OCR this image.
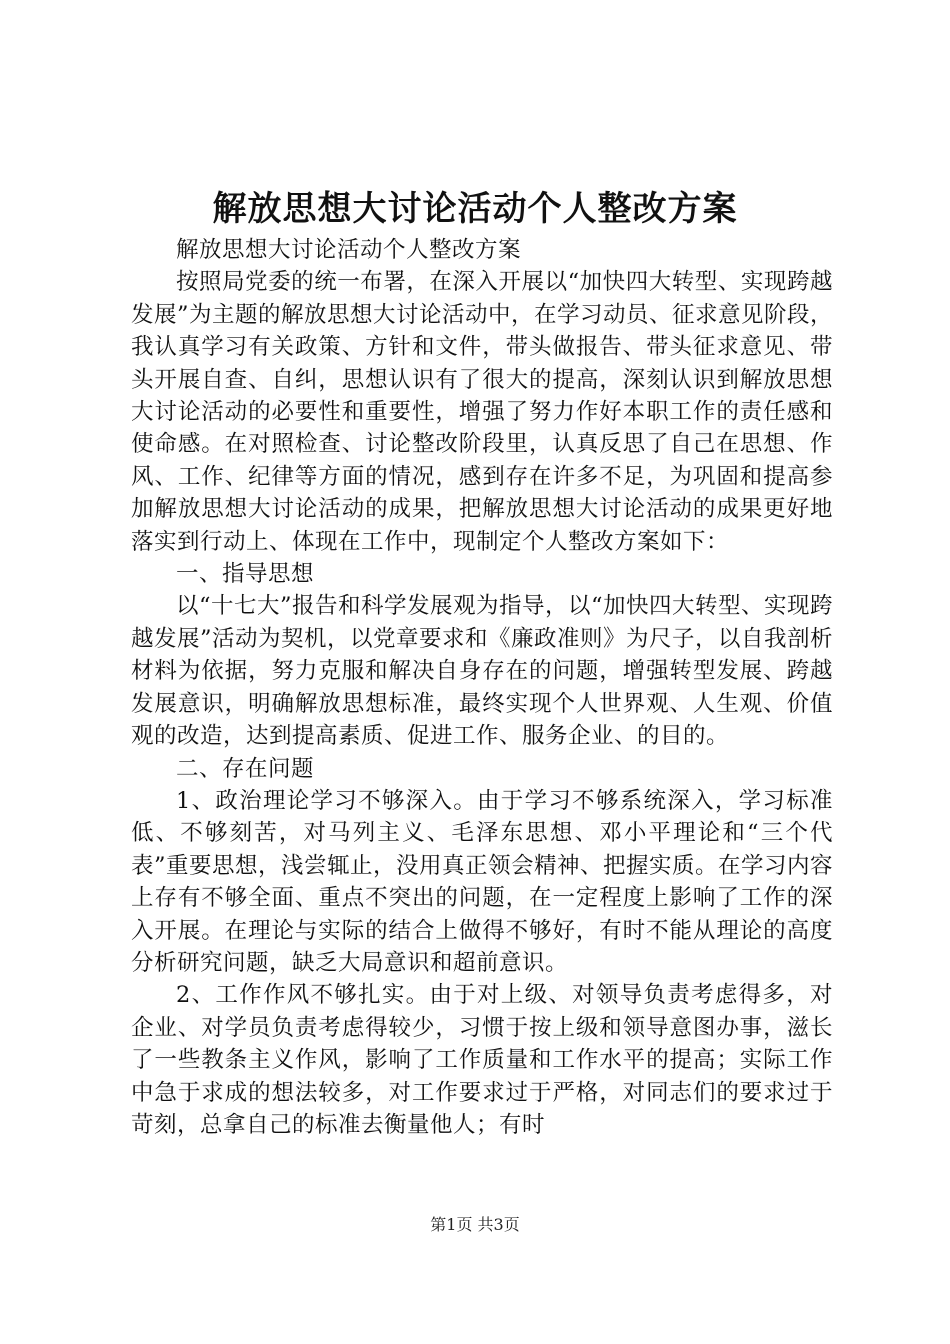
解放思想大讨论活动个人整改方案

解放思想大讨论活动个人整改方案

按照局党委的统一布署，在深入开展以“加快四大转型、实现跨越发展”为主题的解放思想大讨论活动中，在学习动员、征求意见阶段，我认真学习有关政策、方针和文件，带头做报告、带头征求意见、带头开展自查、自纠，思想认识有了很大的提高，深刻认识到解放思想大讨论活动的必要性和重要性，增强了努力作好本职工作的责任感和使命感。在对照检查、讨论整改阶段里，认真反思了自己在思想、作风、工作、纪律等方面的情况，感到存在许多不足，为巩固和提高参加解放思想大讨论活动的成果，把解放思想大讨论活动的成果更好地落实到行动上、体现在工作中，现制定个人整改方案如下：

一、指导思想

以“十七大”报告和科学发展观为指导，以“加快四大转型、实现跨越发展”活动为契机，以党章要求和《廉政准则》为尺子，以自我剖析材料为依据，努力克服和解决自身存在的问题，增强转型发展、跨越发展意识，明确解放思想标准，最终实现个人世界观、人生观、价值观的改造，达到提高素质、促进工作、服务企业、的目的。

二、存在问题

1、政治理论学习不够深入。由于学习不够系统深入，学习标准低、不够刻苦，对马列主义、毛泽东思想、邓小平理论和“三个代表”重要思想，浅尝辄止，没用真正领会精神、把握实质。在学习内容上存有不够全面、重点不突出的问题，在一定程度上影响了工作的深入开展。在理论与实际的结合上做得不够好，有时不能从理论的高度分析研究问题，缺乏大局意识和超前意识。

2、工作作风不够扎实。由于对上级、对领导负责考虑得多，对企业、对学员负责考虑得较少，习惯于按上级和领导意图办事，滋长了一些教条主义作风，影响了工作质量和工作水平的提高；实际工作中急于求成的想法较多，对工作要求过于严格，对同志们的要求过于苛刻，总拿自己的标准去衡量他人；有时

第1页 共3页
